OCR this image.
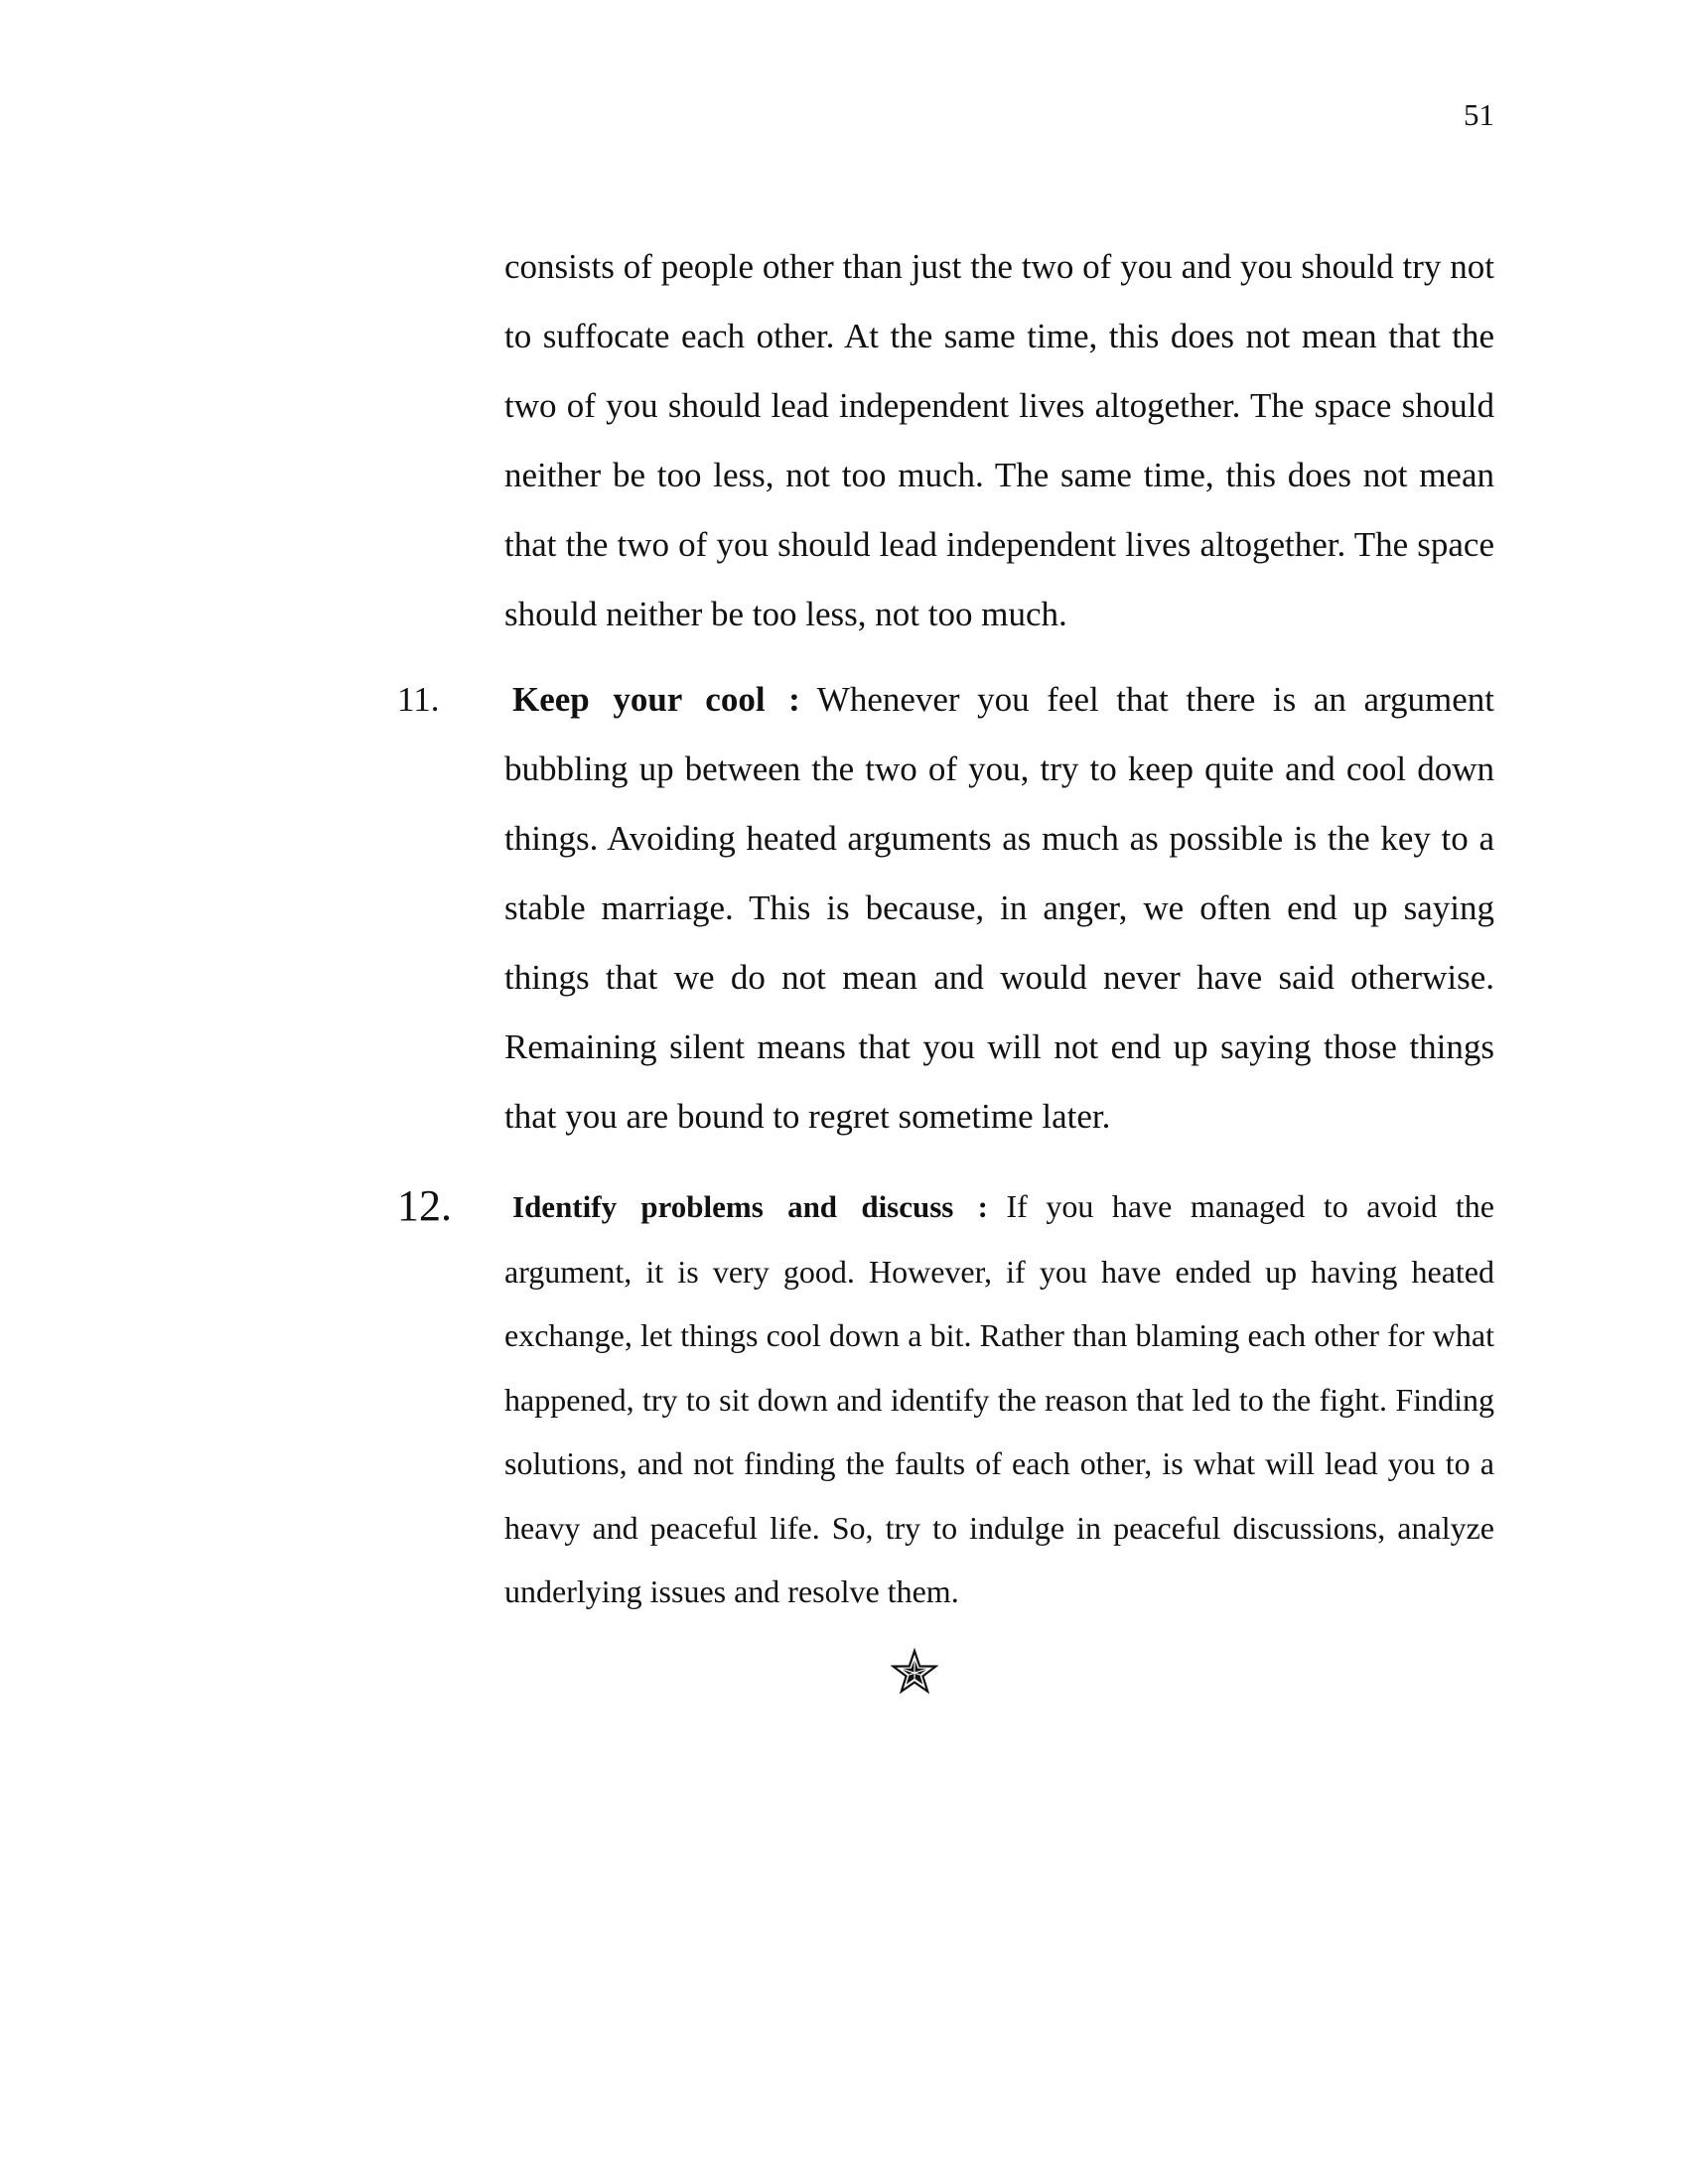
51

consists of people other than just the two of you and you should try not to suffocate each other. At the same time, this does not mean that the two of you should lead independent lives altogether. The space should neither be too less, not too much. The same time, this does not mean that the two of you should lead independent lives altogether. The space should neither be too less, not too much.

11. Keep your cool : Whenever you feel that there is an argument bubbling up between the two of you, try to keep quite and cool down things. Avoiding heated arguments as much as possible is the key to a stable marriage. This is because, in anger, we often end up saying things that we do not mean and would never have said otherwise. Remaining silent means that you will not end up saying those things that you are bound to regret sometime later.

12. Identify problems and discuss : If you have managed to avoid the argument, it is very good. However, if you have ended up having heated exchange, let things cool down a bit. Rather than blaming each other for what happened, try to sit down and identify the reason that led to the fight. Finding solutions, and not finding the faults of each other, is what will lead you to a heavy and peaceful life. So, try to indulge in peaceful discussions, analyze underlying issues and resolve them.
